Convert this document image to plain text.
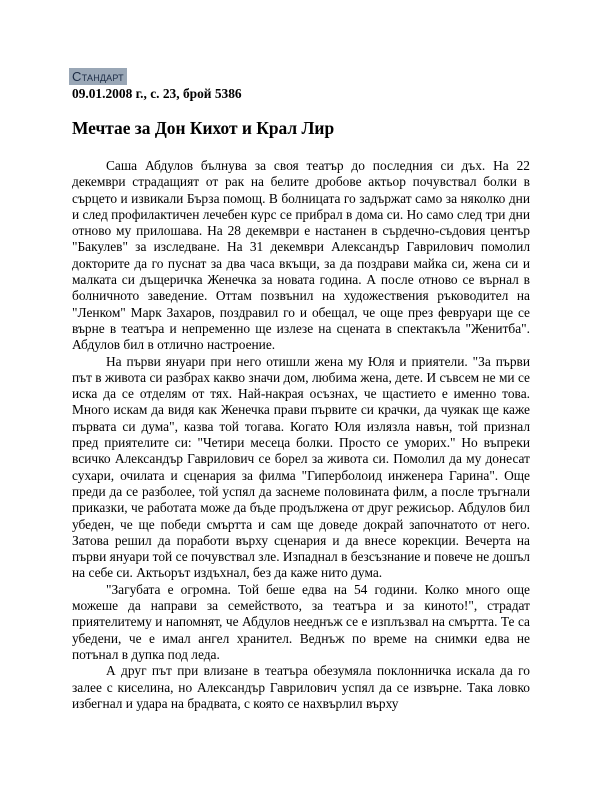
Стандарт
09.01.2008 г., с. 23, брой 5386
Мечтае за Дон Кихот и Крал Лир

Саша Абдулов бълнува за своя театър до последния си дъх. На 22 декември страдащият от рак на белите дробове актьор почувствал болки в сърцето и извикали Бърза помощ. В болницата го задържат само за няколко дни и след профилактичен лечебен курс се прибрал в дома си. Но само след три дни отново му прилошава. На 28 декември е настанен в сърдечно-съдовия център "Бакулев" за изследване. На 31 декември Александър Гаврилович помолил докторите да го пуснат за два часа вкъщи, за да поздрави майка си, жена си и малката си дъщеричка Женечка за новата година. А после отново се върнал в болничното заведение. Оттам позвънил на художествения ръководител на "Ленком" Марк Захаров, поздравил го и обещал, че още през февруари ще се върне в театъра и непременно ще излезе на сцената в спектакъла "Женитба". Абдулов бил в отлично настроение.

На първи януари при него отишли жена му Юля и приятели. "За първи път в живота си разбрах какво значи дом, любима жена, дете. И съвсем не ми се иска да се отделям от тях. Най-накрая осъзнах, че щастието е именно това. Много искам да видя как Женечка прави първите си крачки, да чуякак ще каже първата си дума", казва той тогава. Когато Юля излязла навън, той признал пред приятелите си: "Четири месеца болки. Просто се уморих." Но въпреки всичко Александър Гаврилович се борел за живота си. Помолил да му донесат сухари, очилата и сценария за филма "Гиперболоид инженера Гарина". Още преди да се разболее, той успял да заснеме половината филм, а после тръгнали приказки, че работата може да бъде продължена от друг режисьор. Абдулов бил убеден, че ще победи смъртта и сам ще доведе докрай започнатото от него. Затова решил да поработи върху сценария и да внесе корекции. Вечерта на първи януари той се почувствал зле. Изпаднал в безсъзнание и повече не дошъл на себе си. Актьорът издъхнал, без да каже нито дума.

"Загубата е огромна. Той беше едва на 54 години. Колко много още можеше да направи за семейството, за театъра и за киното!", страдат приятелитему и напомнят, че Абдулов нееднъж се е изплъзвал на смъртта. Те са убедени, че е имал ангел хранител. Веднъж по време на снимки едва не потънал в дупка под леда.

А друг път при влизане в театъра обезумяла поклонничка искала да го залее с киселина, но Александър Гаврилович успял да се извърне. Така ловко избегнал и удара на брадвата, с която се нахвърлил върху
